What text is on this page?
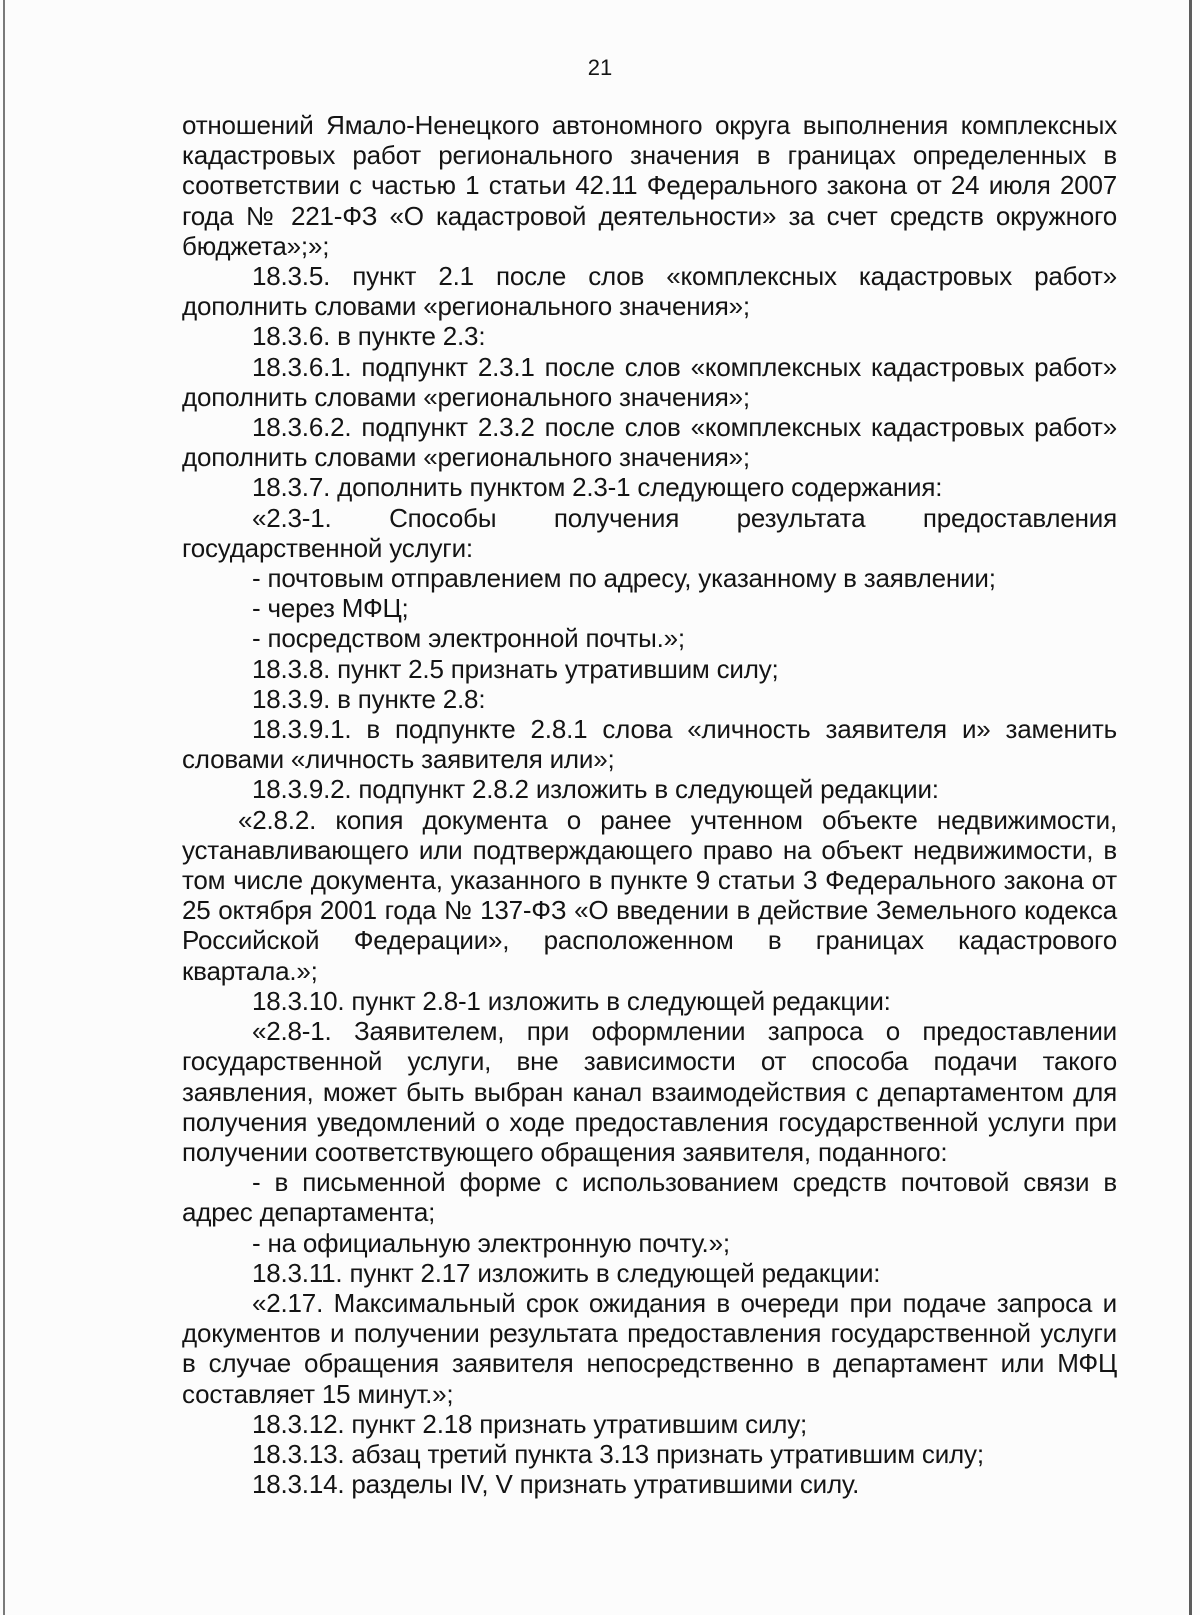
21

отношений Ямало-Ненецкого автономного округа выполнения комплексных кадастровых работ регионального значения в границах определенных в соответствии с частью 1 статьи 42.11 Федерального закона от 24 июля 2007 года № 221-ФЗ «О кадастровой деятельности» за счет средств окружного бюджета»;»;

18.3.5. пункт 2.1 после слов «комплексных кадастровых работ» дополнить словами «регионального значения»;

18.3.6. в пункте 2.3:

18.3.6.1. подпункт 2.3.1 после слов «комплексных кадастровых работ» дополнить словами «регионального значения»;

18.3.6.2. подпункт 2.3.2 после слов «комплексных кадастровых работ» дополнить словами «регионального значения»;

18.3.7. дополнить пунктом 2.3-1 следующего содержания:

«2.3-1. Способы получения результата предоставления государственной услуги:

- почтовым отправлением по адресу, указанному в заявлении;

- через МФЦ;

- посредством электронной почты.»;

18.3.8. пункт 2.5 признать утратившим силу;

18.3.9. в пункте 2.8:

18.3.9.1. в подпункте 2.8.1 слова «личность заявителя и» заменить словами «личность заявителя или»;

18.3.9.2. подпункт 2.8.2 изложить в следующей редакции:

«2.8.2. копия документа о ранее учтенном объекте недвижимости, устанавливающего или подтверждающего право на объект недвижимости, в том числе документа, указанного в пункте 9 статьи 3 Федерального закона от 25 октября 2001 года № 137-ФЗ «О введении в действие Земельного кодекса Российской Федерации», расположенном в границах кадастрового квартала.»;

18.3.10. пункт 2.8-1 изложить в следующей редакции:

«2.8-1. Заявителем, при оформлении запроса о предоставлении государственной услуги, вне зависимости от способа подачи такого заявления, может быть выбран канал взаимодействия с департаментом для получения уведомлений о ходе предоставления государственной услуги при получении соответствующего обращения заявителя, поданного:

- в письменной форме с использованием средств почтовой связи в адрес департамента;

- на официальную электронную почту.»;

18.3.11. пункт 2.17 изложить в следующей редакции:

«2.17. Максимальный срок ожидания в очереди при подаче запроса и документов и получении результата предоставления государственной услуги в случае обращения заявителя непосредственно в департамент или МФЦ составляет 15 минут.»;

18.3.12. пункт 2.18 признать утратившим силу;

18.3.13. абзац третий пункта 3.13 признать утратившим силу;

18.3.14. разделы IV, V признать утратившими силу.
